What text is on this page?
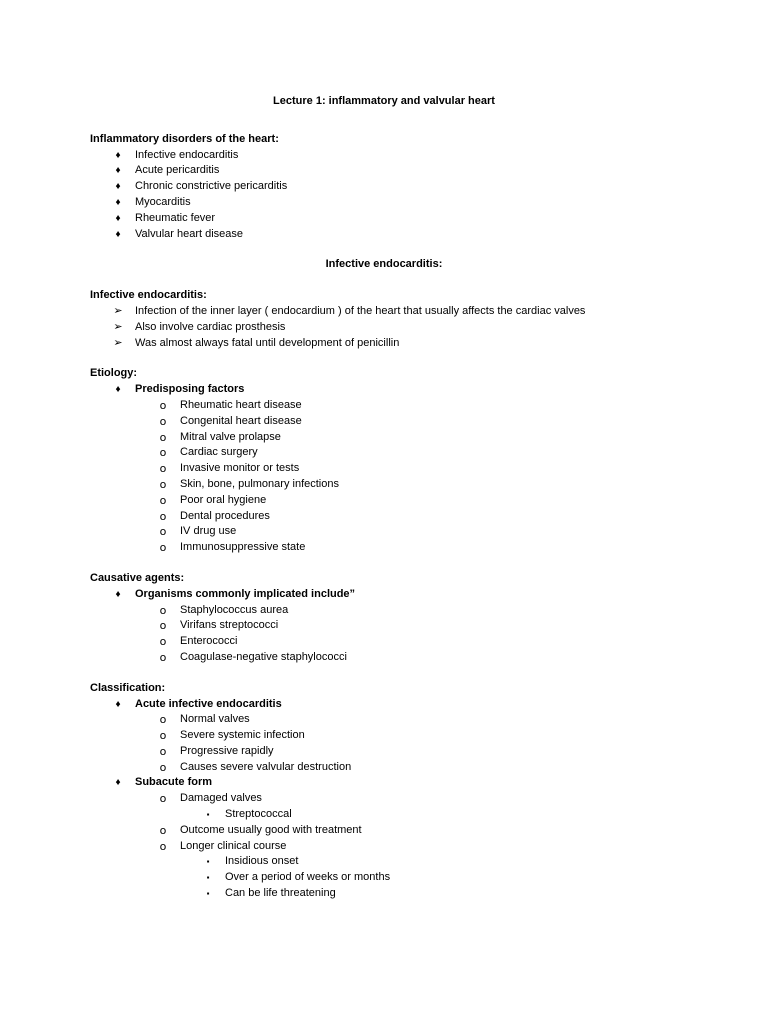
Lecture 1: inflammatory and valvular heart
Inflammatory disorders of the heart:
♦	Infective endocarditis
♦	Acute pericarditis
♦	Chronic constrictive pericarditis
♦	Myocarditis
♦	Rheumatic fever
♦	Valvular heart disease
Infective endocarditis:
Infective endocarditis:
➢ Infection of the inner layer ( endocardium ) of the heart that usually affects the cardiac valves
➢ Also involve cardiac prosthesis
➢ Was almost always fatal until development of penicillin
Etiology:
♦	Predisposing factors
o Rheumatic heart disease
o Congenital heart disease
o Mitral valve prolapse
o Cardiac surgery
o Invasive monitor or tests
o Skin, bone, pulmonary infections
o Poor oral hygiene
o Dental procedures
o IV drug use
o Immunosuppressive state
Causative agents:
♦	Organisms commonly implicated include”
o Staphylococcus aurea
o Virifans streptococci
o Enterococci
o Coagulase-negative staphylococci
Classification:
♦	Acute infective endocarditis
o Normal valves
o Severe systemic infection
o Progressive rapidly
o Causes severe valvular destruction
♦	Subacute form
o Damaged valves
▪	Streptococcal
o Outcome usually good with treatment
o Longer clinical course
▪	Insidious onset
▪	Over a period of weeks or months
▪	Can be life threatening
